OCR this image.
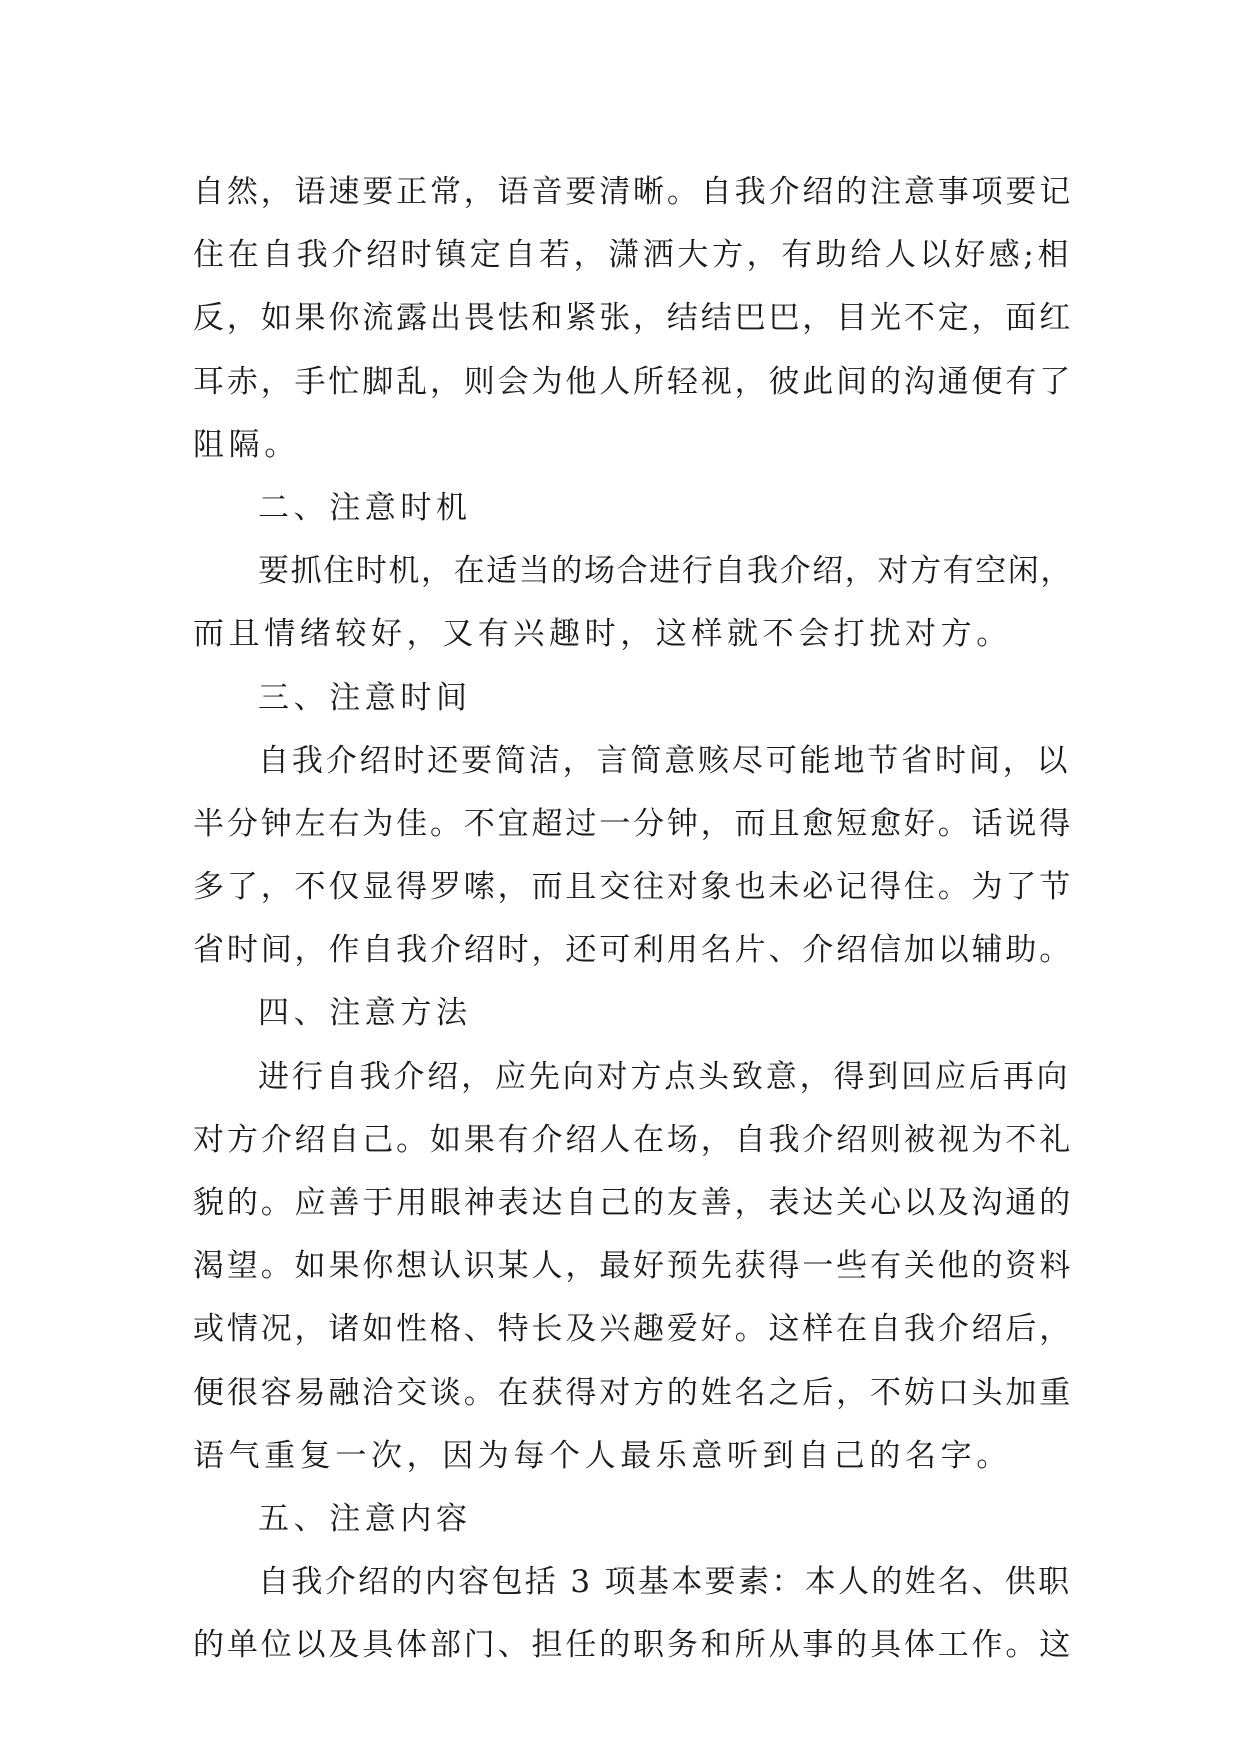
自然，语速要正常，语音要清晰。自我介绍的注意事项要记
住在自我介绍时镇定自若，潇洒大方，有助给人以好感;相
反，如果你流露出畏怯和紧张，结结巴巴，目光不定，面红
耳赤，手忙脚乱，则会为他人所轻视，彼此间的沟通便有了
阻隔。
二、注意时机
要抓住时机，在适当的场合进行自我介绍，对方有空闲，
而且情绪较好，又有兴趣时，这样就不会打扰对方。
三、注意时间
自我介绍时还要简洁，言简意赅尽可能地节省时间，以
半分钟左右为佳。不宜超过一分钟，而且愈短愈好。话说得
多了，不仅显得罗嗦，而且交往对象也未必记得住。为了节
省时间，作自我介绍时，还可利用名片、介绍信加以辅助。
四、注意方法
进行自我介绍，应先向对方点头致意，得到回应后再向
对方介绍自己。如果有介绍人在场，自我介绍则被视为不礼
貌的。应善于用眼神表达自己的友善，表达关心以及沟通的
渴望。如果你想认识某人，最好预先获得一些有关他的资料
或情况，诸如性格、特长及兴趣爱好。这样在自我介绍后，
便很容易融洽交谈。在获得对方的姓名之后，不妨口头加重
语气重复一次，因为每个人最乐意听到自己的名字。
五、注意内容
自我介绍的内容包括 3 项基本要素：本人的姓名、供职
的单位以及具体部门、担任的职务和所从事的具体工作。这
